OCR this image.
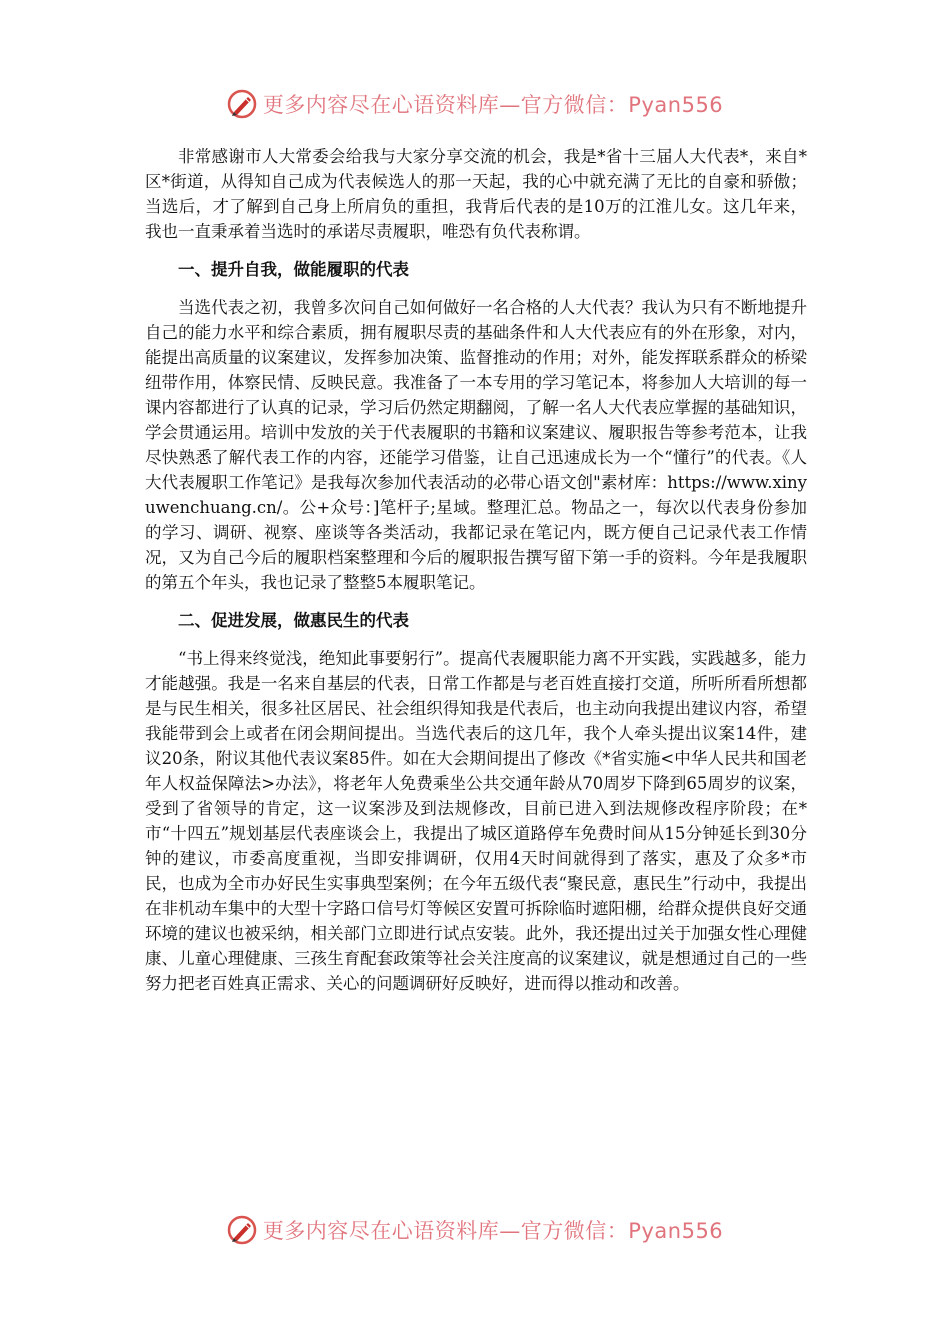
更多内容尽在心语资料库—官方微信：Pyan556

非常感谢市人大常委会给我与大家分享交流的机会，我是*省十三届人大代表*，来自*区*街道，从得知自己成为代表候选人的那一天起，我的心中就充满了无比的自豪和骄傲；当选后，才了解到自己身上所肩负的重担，我背后代表的是10万的江淮儿女。这几年来，我也一直秉承着当选时的承诺尽责履职，唯恐有负代表称谓。

一、提升自我，做能履职的代表

当选代表之初，我曾多次问自己如何做好一名合格的人大代表？我认为只有不断地提升自己的能力水平和综合素质，拥有履职尽责的基础条件和人大代表应有的外在形象，对内，能提出高质量的议案建议，发挥参加决策、监督推动的作用；对外，能发挥联系群众的桥梁纽带作用，体察民情、反映民意。我准备了一本专用的学习笔记本，将参加人大培训的每一课内容都进行了认真的记录，学习后仍然定期翻阅，了解一名人大代表应掌握的基础知识，学会贯通运用。培训中发放的关于代表履职的书籍和议案建议、履职报告等参考范本，让我尽快熟悉了解代表工作的内容，还能学习借鉴，让自己迅速成长为一个“懂行”的代表。《人大代表履职工作笔记》是我每次参加代表活动的必带心语文创"素材库：https://www.xinyuwenchuang.cn/。公+众号：]笔杆子;星域。整理汇总。物品之一，每次以代表身份参加的学习、调研、视察、座谈等各类活动，我都记录在笔记内，既方便自己记录代表工作情况，又为自己今后的履职档案整理和今后的履职报告撰写留下第一手的资料。今年是我履职的第五个年头，我也记录了整整5本履职笔记。

二、促进发展，做惠民生的代表

“书上得来终觉浅，绝知此事要躬行”。提高代表履职能力离不开实践，实践越多，能力才能越强。我是一名来自基层的代表，日常工作都是与老百姓直接打交道，所听所看所想都是与民生相关，很多社区居民、社会组织得知我是代表后，也主动向我提出建议内容，希望我能带到会上或者在闭会期间提出。当选代表后的这几年，我个人牵头提出议案14件，建议20条，附议其他代表议案85件。如在大会期间提出了修改《*省实施<中华人民共和国老年人权益保障法>办法》，将老年人免费乘坐公共交通年龄从70周岁下降到65周岁的议案，受到了省领导的肯定，这一议案涉及到法规修改，目前已进入到法规修改程序阶段；在*市“十四五”规划基层代表座谈会上，我提出了城区道路停车免费时间从15分钟延长到30分钟的建议，市委高度重视，当即安排调研，仅用4天时间就得到了落实，惠及了众多*市民，也成为全市办好民生实事典型案例；在今年五级代表“聚民意，惠民生”行动中，我提出在非机动车集中的大型十字路口信号灯等候区安置可拆除临时遮阳棚，给群众提供良好交通环境的建议也被采纳，相关部门立即进行试点安装。此外，我还提出过关于加强女性心理健康、儿童心理健康、三孩生育配套政策等社会关注度高的议案建议，就是想通过自己的一些努力把老百姓真正需求、关心的问题调研好反映好，进而得以推动和改善。

更多内容尽在心语资料库—官方微信：Pyan556
